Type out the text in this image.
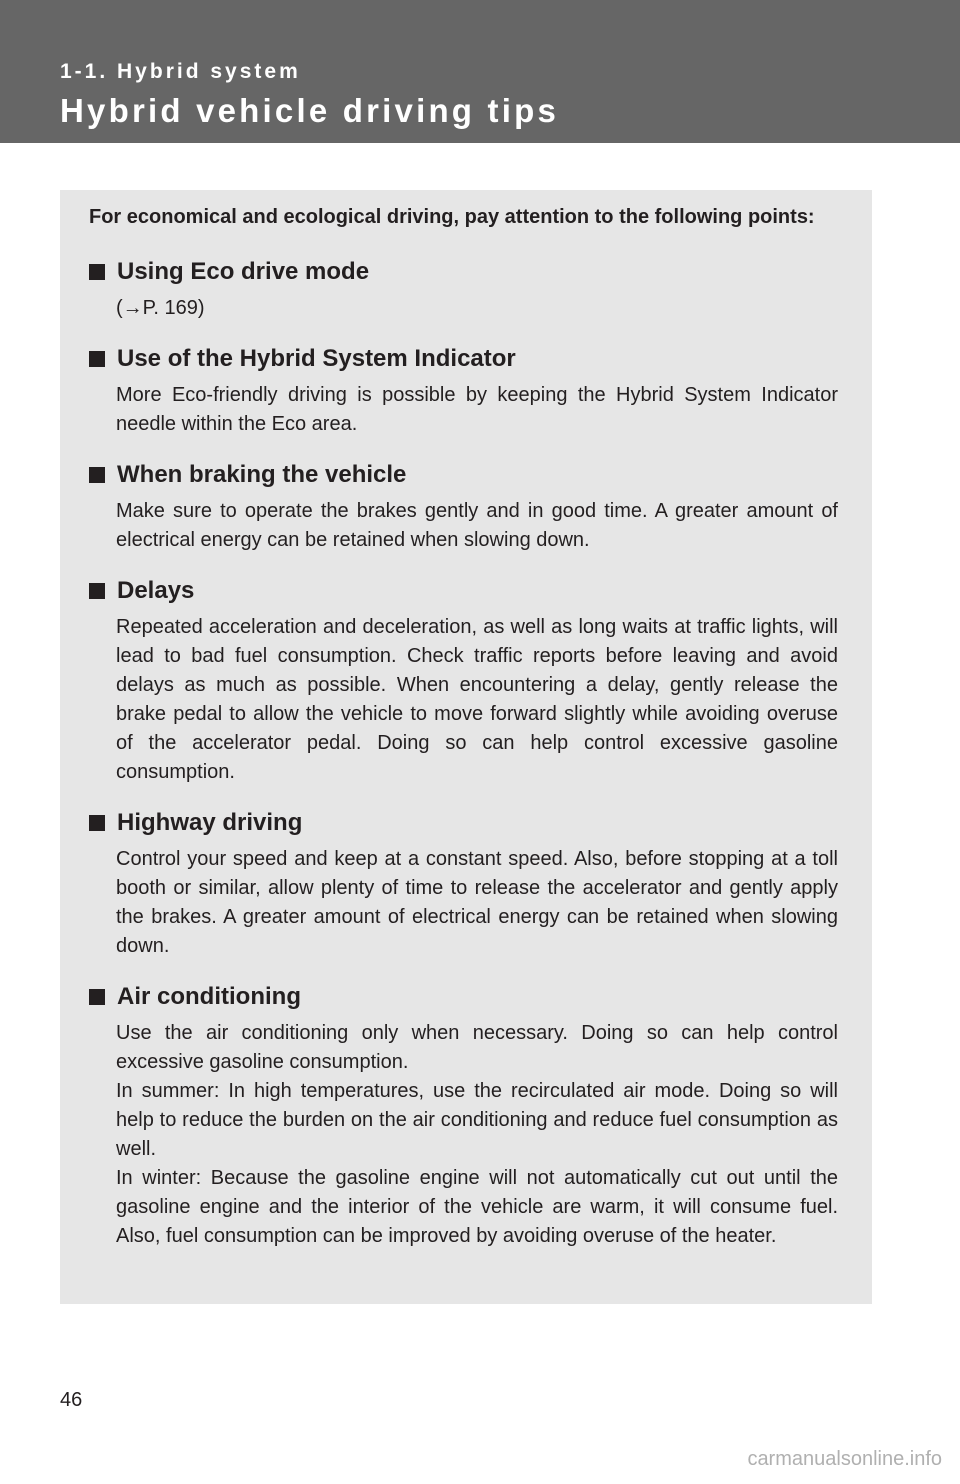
1-1. Hybrid system
Hybrid vehicle driving tips

For economical and ecological driving, pay attention to the following points:

Using Eco drive mode

(→P. 169)

Use of the Hybrid System Indicator

More Eco-friendly driving is possible by keeping the Hybrid System Indicator needle within the Eco area.

When braking the vehicle

Make sure to operate the brakes gently and in good time. A greater amount of electrical energy can be retained when slowing down.

Delays

Repeated acceleration and deceleration, as well as long waits at traffic lights, will lead to bad fuel consumption. Check traffic reports before leaving and avoid delays as much as possible. When encountering a delay, gently release the brake pedal to allow the vehicle to move forward slightly while avoiding overuse of the accelerator pedal. Doing so can help control excessive gasoline consumption.

Highway driving

Control your speed and keep at a constant speed. Also, before stopping at a toll booth or similar, allow plenty of time to release the accelerator and gently apply the brakes. A greater amount of electrical energy can be retained when slowing down.

Air conditioning

Use the air conditioning only when necessary. Doing so can help control excessive gasoline consumption.

In summer: In high temperatures, use the recirculated air mode. Doing so will help to reduce the burden on the air conditioning and reduce fuel consumption as well.

In winter: Because the gasoline engine will not automatically cut out until the gasoline engine and the interior of the vehicle are warm, it will consume fuel. Also, fuel consumption can be improved by avoiding overuse of the heater.

46
carmanualsonline.info
